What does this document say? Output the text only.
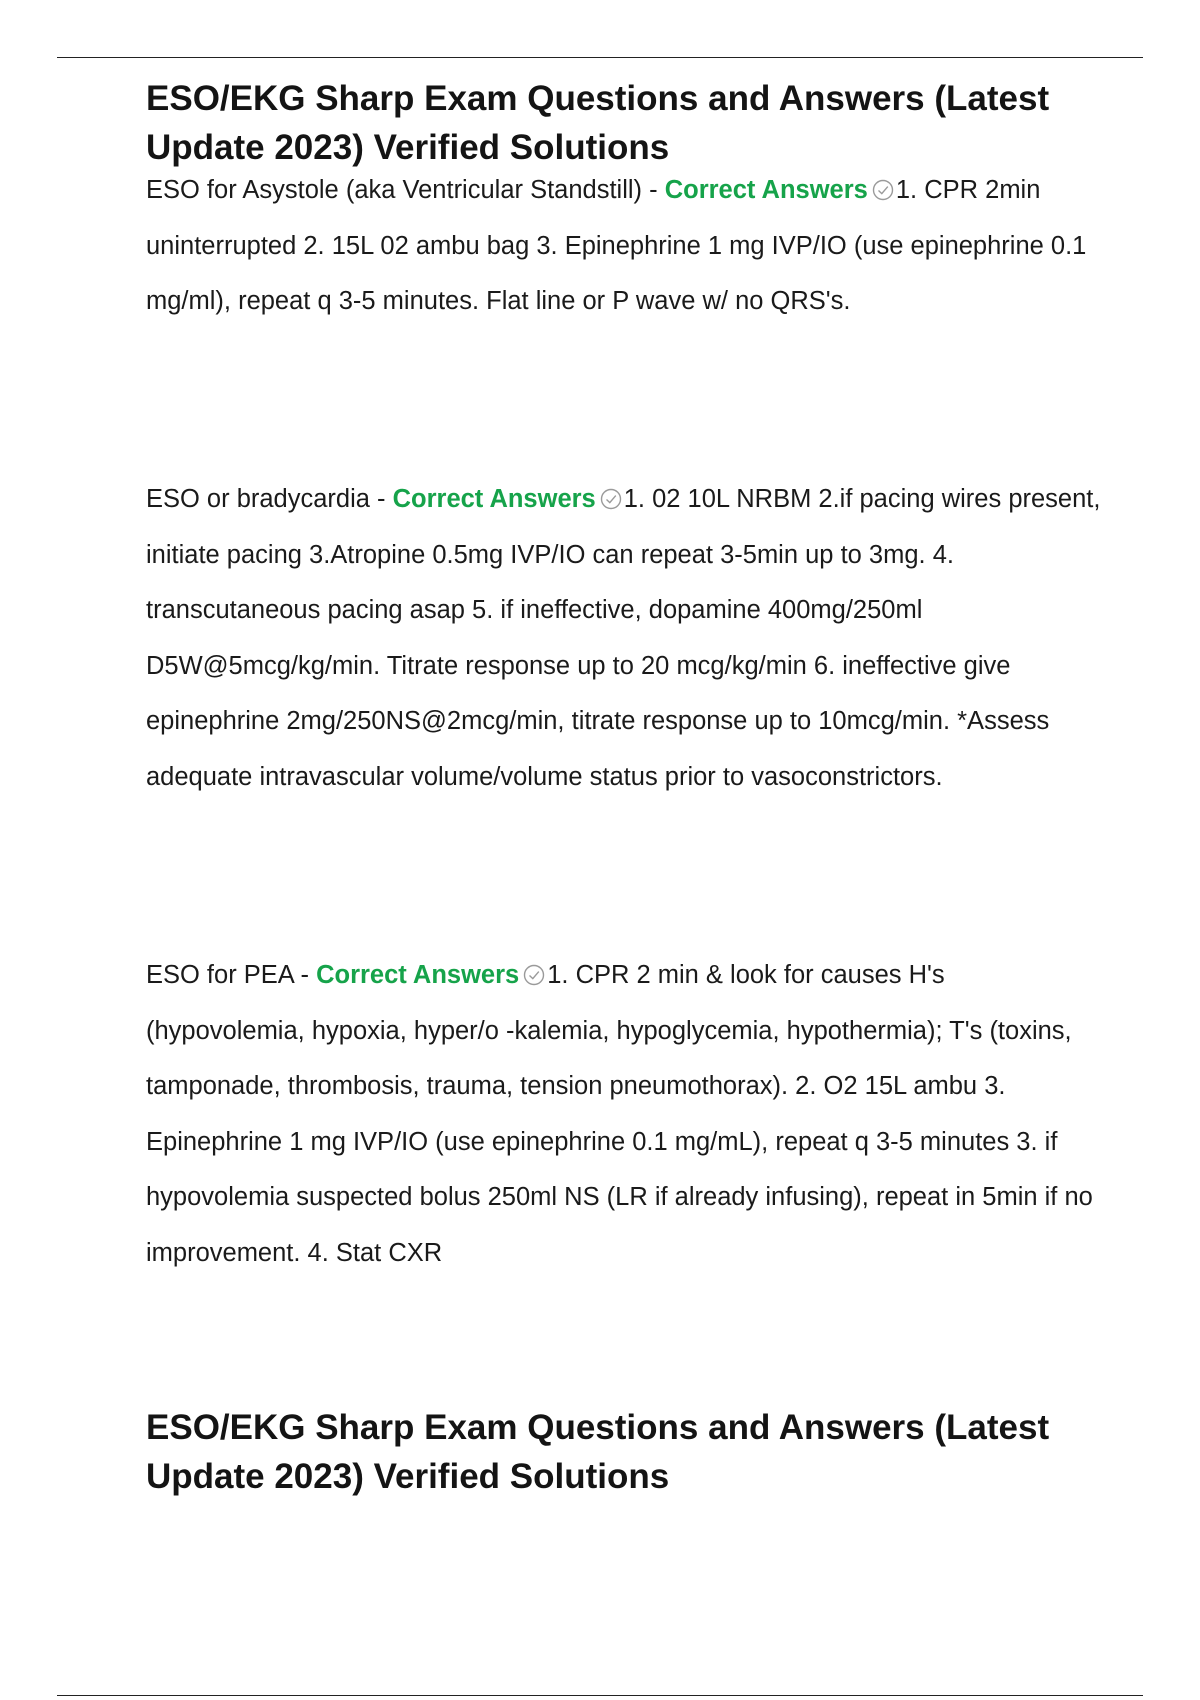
ESO/EKG Sharp Exam Questions and Answers (Latest Update 2023) Verified Solutions

ESO for Asystole (aka Ventricular Standstill) - Correct Answers 1. CPR 2min uninterrupted 2. 15L 02 ambu bag 3. Epinephrine 1 mg IVP/IO (use epinephrine 0.1 mg/ml), repeat q 3-5 minutes. Flat line or P wave w/ no QRS's.

ESO or bradycardia - Correct Answers 1. 02 10L NRBM 2.if pacing wires present, initiate pacing 3.Atropine 0.5mg IVP/IO can repeat 3-5min up to 3mg. 4. transcutaneous pacing asap 5. if ineffective, dopamine 400mg/250ml D5W@5mcg/kg/min. Titrate response up to 20 mcg/kg/min 6. ineffective give epinephrine 2mg/250NS@2mcg/min, titrate response up to 10mcg/min. *Assess adequate intravascular volume/volume status prior to vasoconstrictors.

ESO for PEA - Correct Answers 1. CPR 2 min & look for causes H's (hypovolemia, hypoxia, hyper/o -kalemia, hypoglycemia, hypothermia); T's (toxins, tamponade, thrombosis, trauma, tension pneumothorax). 2. O2 15L ambu 3. Epinephrine 1 mg IVP/IO (use epinephrine 0.1 mg/mL), repeat q 3-5 minutes 3. if hypovolemia suspected bolus 250ml NS (LR if already infusing), repeat in 5min if no improvement. 4. Stat CXR

ESO/EKG Sharp Exam Questions and Answers (Latest Update 2023) Verified Solutions
